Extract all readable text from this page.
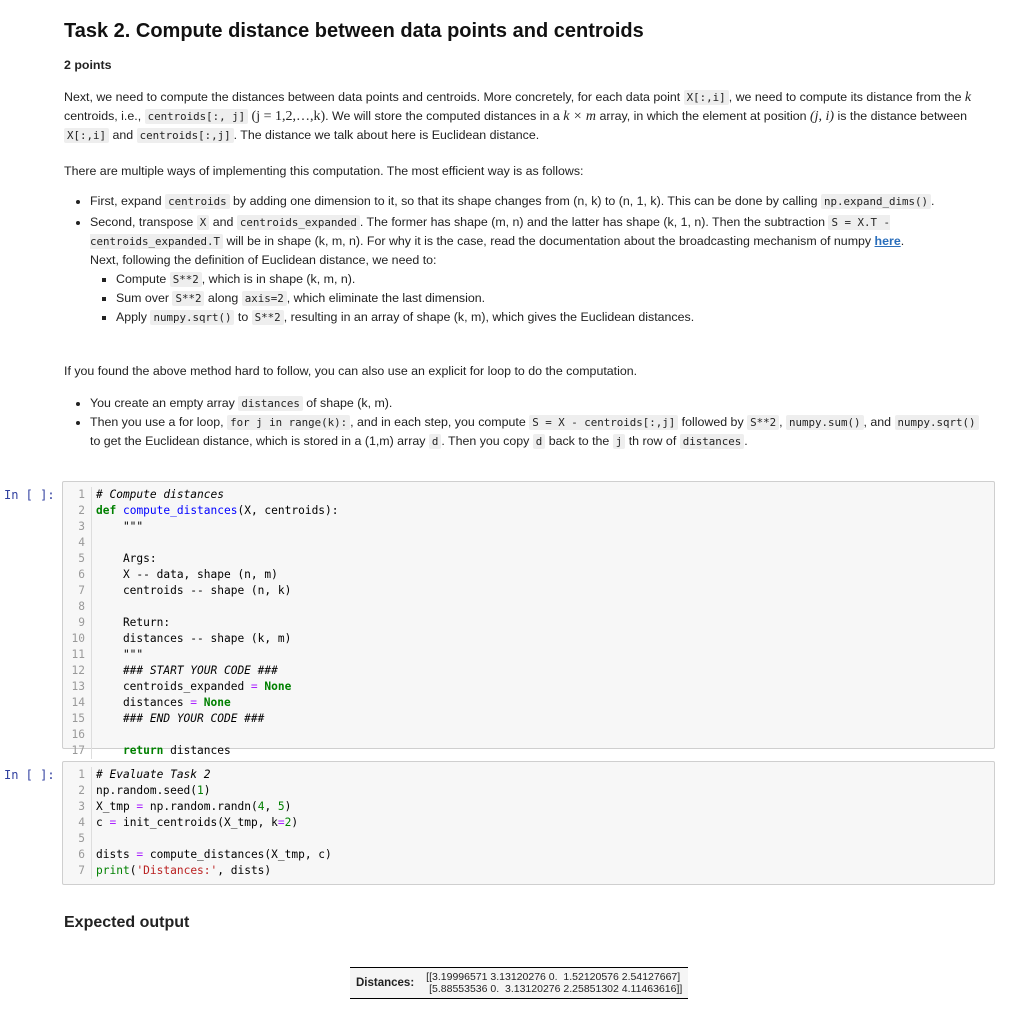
Task 2. Compute distance between data points and centroids
2 points

Next, we need to compute the distances between data points and centroids. More concretely, for each data point X[:,i] , we need to compute its distance from the k centroids, i.e., centroids[:, j] (j = 1,2,…,k). We will store the computed distances in a k × m array, in which the element at position (j, i) is the distance between X[:,i] and centroids[:,j] . The distance we talk about here is Euclidean distance.

There are multiple ways of implementing this computation. The most efficient way is as follows:
• First, expand centroids by adding one dimension to it, so that its shape changes from (n, k) to (n, 1, k). This can be done by calling np.expand_dims() .
• Second, transpose X and centroids_expanded . The former has shape (m, n) and the latter has shape (k, 1, n). Then the subtraction S = X.T - centroids_expanded.T will be in shape (k, m, n). For why it is the case, read the documentation about the broadcasting mechanism of numpy here.
Next, following the definition of Euclidean distance, we need to:
▪ Compute S**2 , which is in shape (k, m, n).
▪ Sum over S**2 along axis=2 , which eliminate the last dimension.
▪ Apply numpy.sqrt() to S**2 , resulting in an array of shape (k, m), which gives the Euclidean distances.
If you found the above method hard to follow, you can also use an explicit for loop to do the computation.
• You create an empty array distances of shape (k, m).
• Then you use a for loop, for j in range(k): , and in each step, you compute S = X - centroids[:,j] followed by S**2 , numpy.sum() , and numpy.sqrt() to get the Euclidean distance, which is stored in a (1,m) array d . Then you copy d back to the j th row of distances .
In [ ]:	1 # Compute distances
2 def compute_distances(X, centroids):
3 """
4
5 Args:
6 X -- data, shape (n, m)
7 centroids -- shape (n, k)
8
9 Return:
10 distances -- shape (k, m)
11 """
12 ### START YOUR CODE ###
13 centroids_expanded = None
14 distances = None
15 ### END YOUR CODE ###
16
17	return distances
In [ ]:	1 # Evaluate Task 2
2 np.random.seed(1)
3 X_tmp = np.random.randn(4, 5)
4 c = init_centroids(X_tmp, k=2)
5
6 dists = compute_distances(X_tmp, c)
7 print('Distances:', dists)
Expected output
Distances:	[[3.19996571 3.13120276 0.  1.52120576 2.54127667]
[5.88553536 0.  3.13120276 2.25851302 4.11463616]]
